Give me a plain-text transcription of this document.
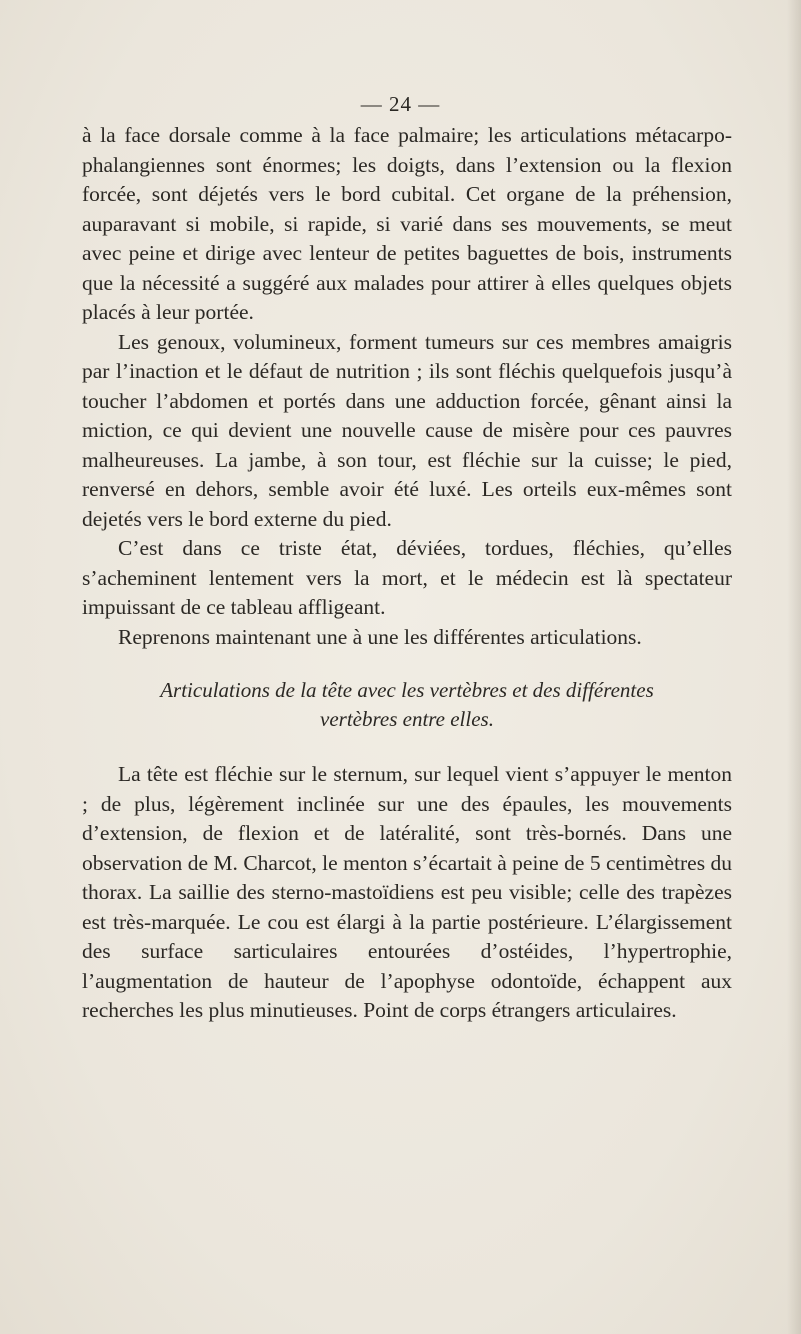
— 24 —

à la face dorsale comme à la face palmaire; les articulations métacarpo-phalangiennes sont énormes; les doigts, dans l’extension ou la flexion forcée, sont déjetés vers le bord cubital. Cet organe de la préhension, auparavant si mobile, si rapide, si varié dans ses mouvements, se meut avec peine et dirige avec lenteur de petites baguettes de bois, instruments que la nécessité a suggéré aux malades pour attirer à elles quelques objets placés à leur portée.

Les genoux, volumineux, forment tumeurs sur ces membres amaigris par l’inaction et le défaut de nutrition ; ils sont fléchis quelquefois jusqu’à toucher l’abdomen et portés dans une adduction forcée, gênant ainsi la miction, ce qui devient une nouvelle cause de misère pour ces pauvres malheureuses. La jambe, à son tour, est fléchie sur la cuisse; le pied, renversé en dehors, semble avoir été luxé. Les orteils eux-mêmes sont dejetés vers le bord externe du pied.

C’est dans ce triste état, déviées, tordues, fléchies, qu’elles s’acheminent lentement vers la mort, et le médecin est là spectateur impuissant de ce tableau affligeant.

Reprenons maintenant une à une les différentes articulations.

Articulations de la tête avec les vertèbres et des différentes vertèbres entre elles.

La tête est fléchie sur le sternum, sur lequel vient s’appuyer le menton ; de plus, légèrement inclinée sur une des épaules, les mouvements d’extension, de flexion et de latéralité, sont très-bornés. Dans une observation de M. Charcot, le menton s’écartait à peine de 5 centimètres du thorax. La saillie des sterno-mastoïdiens est peu visible; celle des trapèzes est très-marquée. Le cou est élargi à la partie postérieure. L’élargissement des surface sarticulaires entourées d’ostéides, l’hypertrophie, l’augmentation de hauteur de l’apophyse odontoïde, échappent aux recherches les plus minutieuses. Point de corps étrangers articulaires.
